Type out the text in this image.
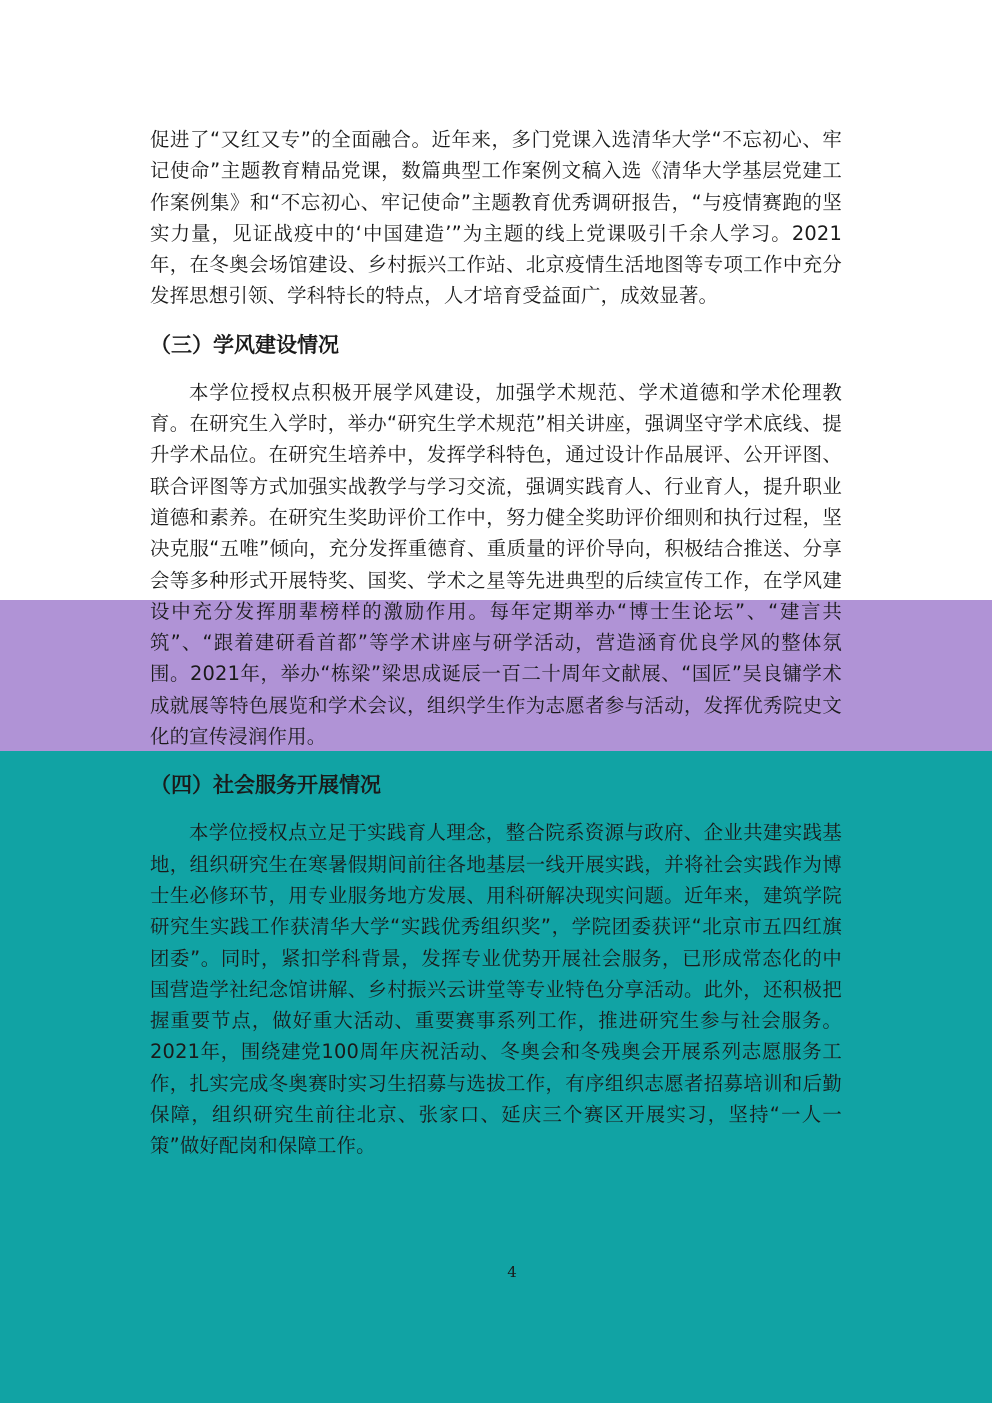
促进了“又红又专”的全面融合。近年来，多门党课入选清华大学“不忘初心、牢记使命”主题教育精品党课，数篇典型工作案例文稿入选《清华大学基层党建工作案例集》和“不忘初心、牢记使命”主题教育优秀调研报告，“与疫情赛跑的坚实力量，见证战疫中的‘中国建造’”为主题的线上党课吸引千余人学习。2021年，在冬奥会场馆建设、乡村振兴工作站、北京疫情生活地图等专项工作中充分发挥思想引领、学科特长的特点，人才培育受益面广，成效显著。

（三）学风建设情况

本学位授权点积极开展学风建设，加强学术规范、学术道德和学术伦理教育。在研究生入学时，举办“研究生学术规范”相关讲座，强调坚守学术底线、提升学术品位。在研究生培养中，发挥学科特色，通过设计作品展评、公开评图、联合评图等方式加强实战教学与学习交流，强调实践育人、行业育人，提升职业道德和素养。在研究生奖助评价工作中，努力健全奖助评价细则和执行过程，坚决克服“五唯”倾向，充分发挥重德育、重质量的评价导向，积极结合推送、分享会等多种形式开展特奖、国奖、学术之星等先进典型的后续宣传工作，在学风建设中充分发挥朋辈榜样的激励作用。每年定期举办“博士生论坛”、“建言共筑”、“跟着建研看首都”等学术讲座与研学活动，营造涵育优良学风的整体氛围。2021年，举办“栋梁”梁思成诞辰一百二十周年文献展、“国匠”吴良镛学术成就展等特色展览和学术会议，组织学生作为志愿者参与活动，发挥优秀院史文化的宣传浸润作用。

（四）社会服务开展情况

本学位授权点立足于实践育人理念，整合院系资源与政府、企业共建实践基地，组织研究生在寒暑假期间前往各地基层一线开展实践，并将社会实践作为博士生必修环节，用专业服务地方发展、用科研解决现实问题。近年来，建筑学院研究生实践工作获清华大学“实践优秀组织奖”，学院团委获评“北京市五四红旗团委”。同时，紧扣学科背景，发挥专业优势开展社会服务，已形成常态化的中国营造学社纪念馆讲解、乡村振兴云讲堂等专业特色分享活动。此外，还积极把握重要节点，做好重大活动、重要赛事系列工作，推进研究生参与社会服务。2021年，围绕建党100周年庆祝活动、冬奥会和冬残奥会开展系列志愿服务工作，扎实完成冬奥赛时实习生招募与选拔工作，有序组织志愿者招募培训和后勤保障，组织研究生前往北京、张家口、延庆三个赛区开展实习，坚持“一人一策”做好配岗和保障工作。

4
